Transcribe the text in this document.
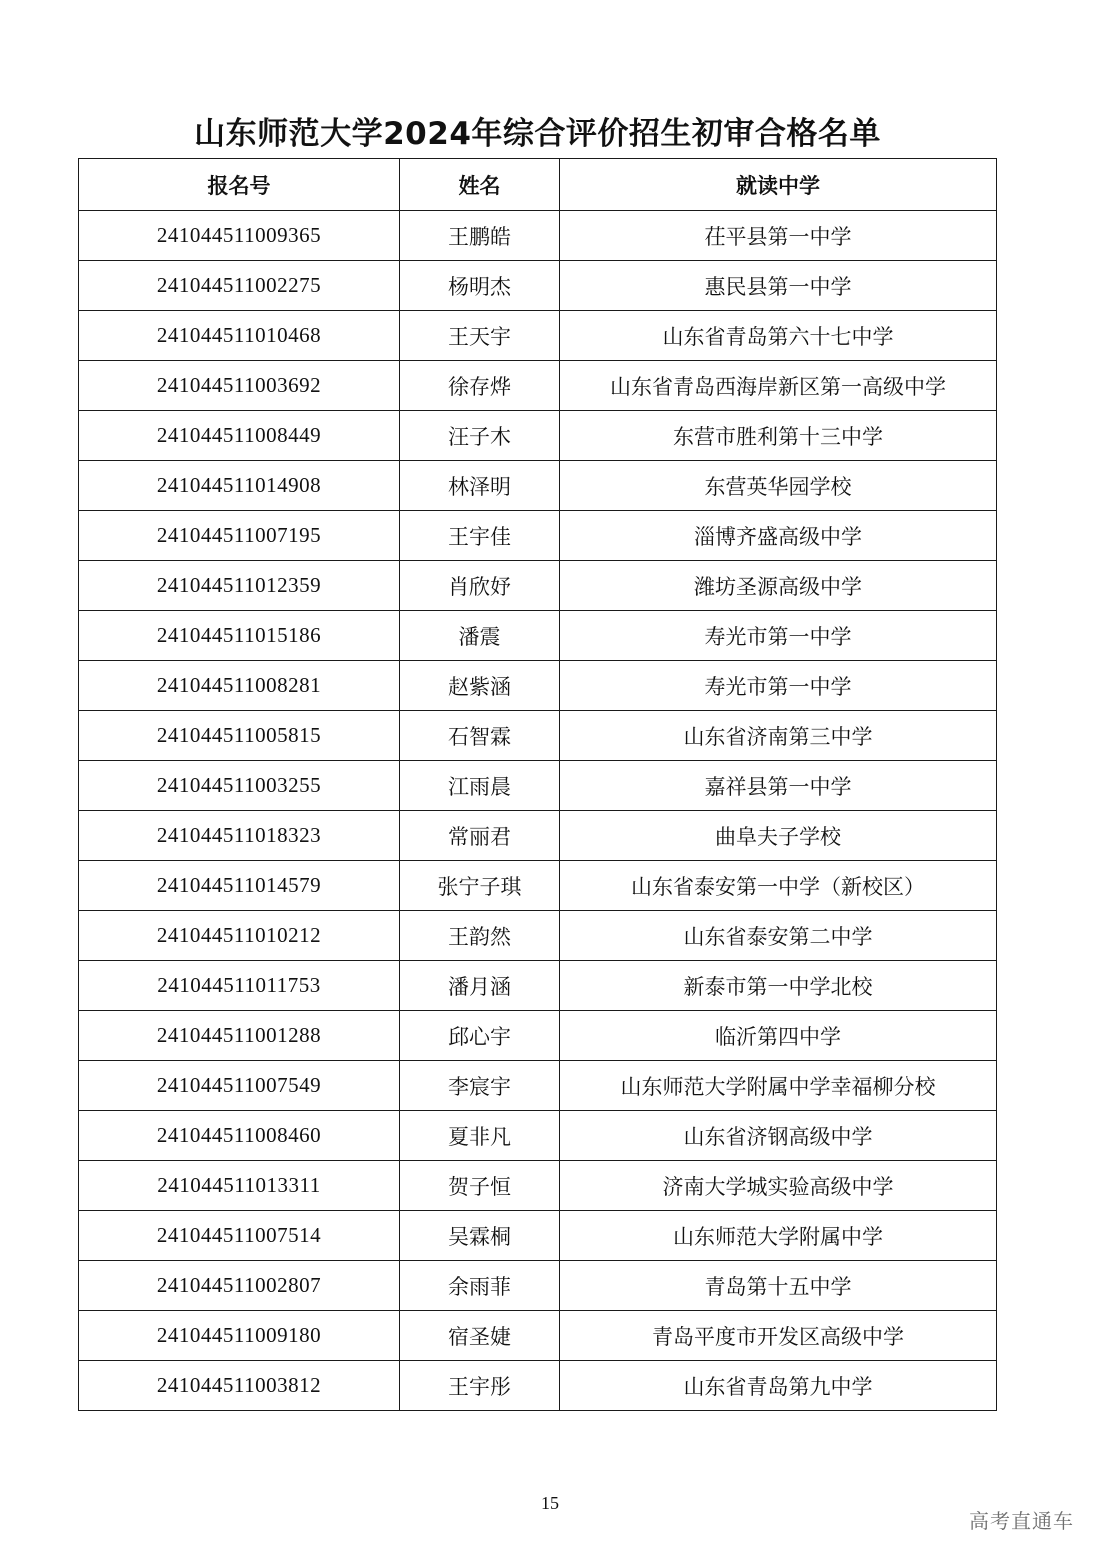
山东师范大学2024年综合评价招生初审合格名单
报名号	姓名	就读中学
241044511009365	王鹏皓	茌平县第一中学
241044511002275	杨明杰	惠民县第一中学
241044511010468	王天宇	山东省青岛第六十七中学
241044511003692	徐存烨	山东省青岛西海岸新区第一高级中学
241044511008449	汪子木	东营市胜利第十三中学
241044511014908	林泽明	东营英华园学校
241044511007195	王宇佳	淄博齐盛高级中学
241044511012359	肖欣妤	潍坊圣源高级中学
241044511015186	潘震	寿光市第一中学
241044511008281	赵紫涵	寿光市第一中学
241044511005815	石智霖	山东省济南第三中学
241044511003255	江雨晨	嘉祥县第一中学
241044511018323	常丽君	曲阜夫子学校
241044511014579	张宁子琪	山东省泰安第一中学（新校区）
241044511010212	王韵然	山东省泰安第二中学
241044511011753	潘月涵	新泰市第一中学北校
241044511001288	邱心宇	临沂第四中学
241044511007549	李宸宇	山东师范大学附属中学幸福柳分校
241044511008460	夏非凡	山东省济钢高级中学
241044511013311	贺子恒	济南大学城实验高级中学
241044511007514	吴霖桐	山东师范大学附属中学
241044511002807	余雨菲	青岛第十五中学
241044511009180	宿圣婕	青岛平度市开发区高级中学
241044511003812	王宇彤	山东省青岛第九中学
15
高考直通车
